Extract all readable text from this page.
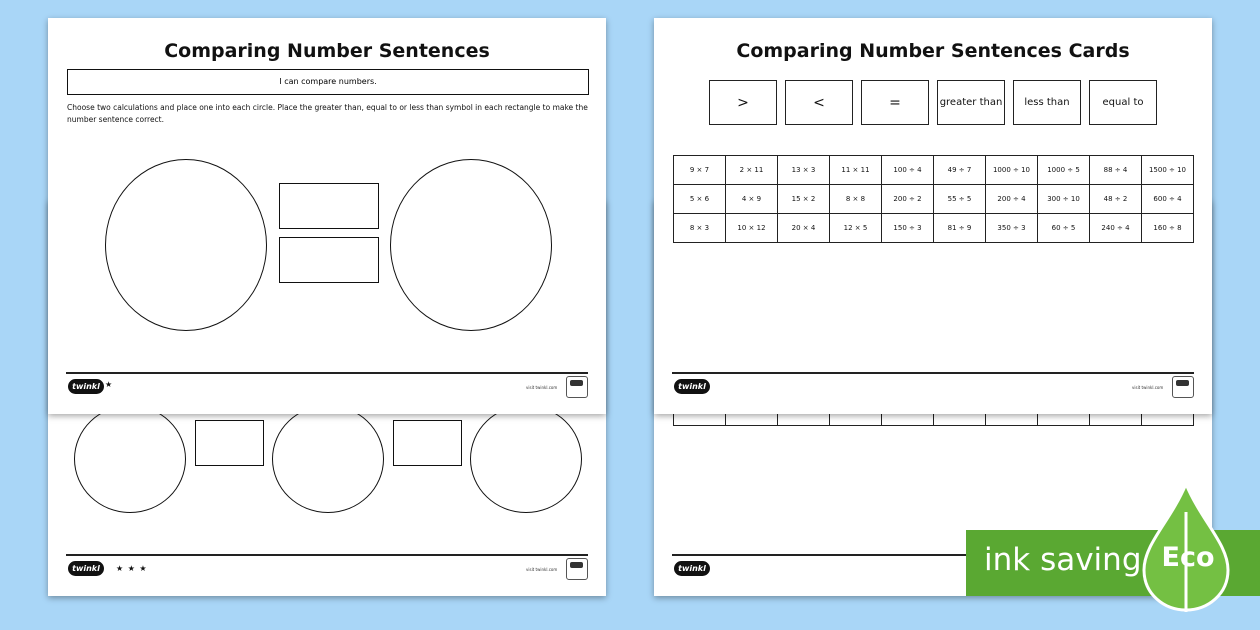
twinkl	★ ★ ★	visit twinkl.com
Comparing Number Sentences
I can compare numbers.
Choose two calculations and place one into each circle. Place the greater than, equal to or less than symbol in each rectangle to make the number sentence correct.
twinkl ★	visit twinkl.com

twinkl
Comparing Number Sentences Cards
>	<	=	greater than	less than	equal to
9 × 7	2 × 11	13 × 3	11 × 11	100 ÷ 4	49 ÷ 7	1000 ÷ 10	1000 ÷ 5	88 ÷ 4	1500 ÷ 10
5 × 6	4 × 9	15 × 2	8 × 8	200 ÷ 2	55 ÷ 5	200 ÷ 4	300 ÷ 10	48 ÷ 2	600 ÷ 4
8 × 3	10 × 12	20 × 4	12 × 5	150 ÷ 3	81 ÷ 9	350 ÷ 3	60 ÷ 5	240 ÷ 4	160 ÷ 8
twinkl	visit twinkl.com
ink saving Eco
